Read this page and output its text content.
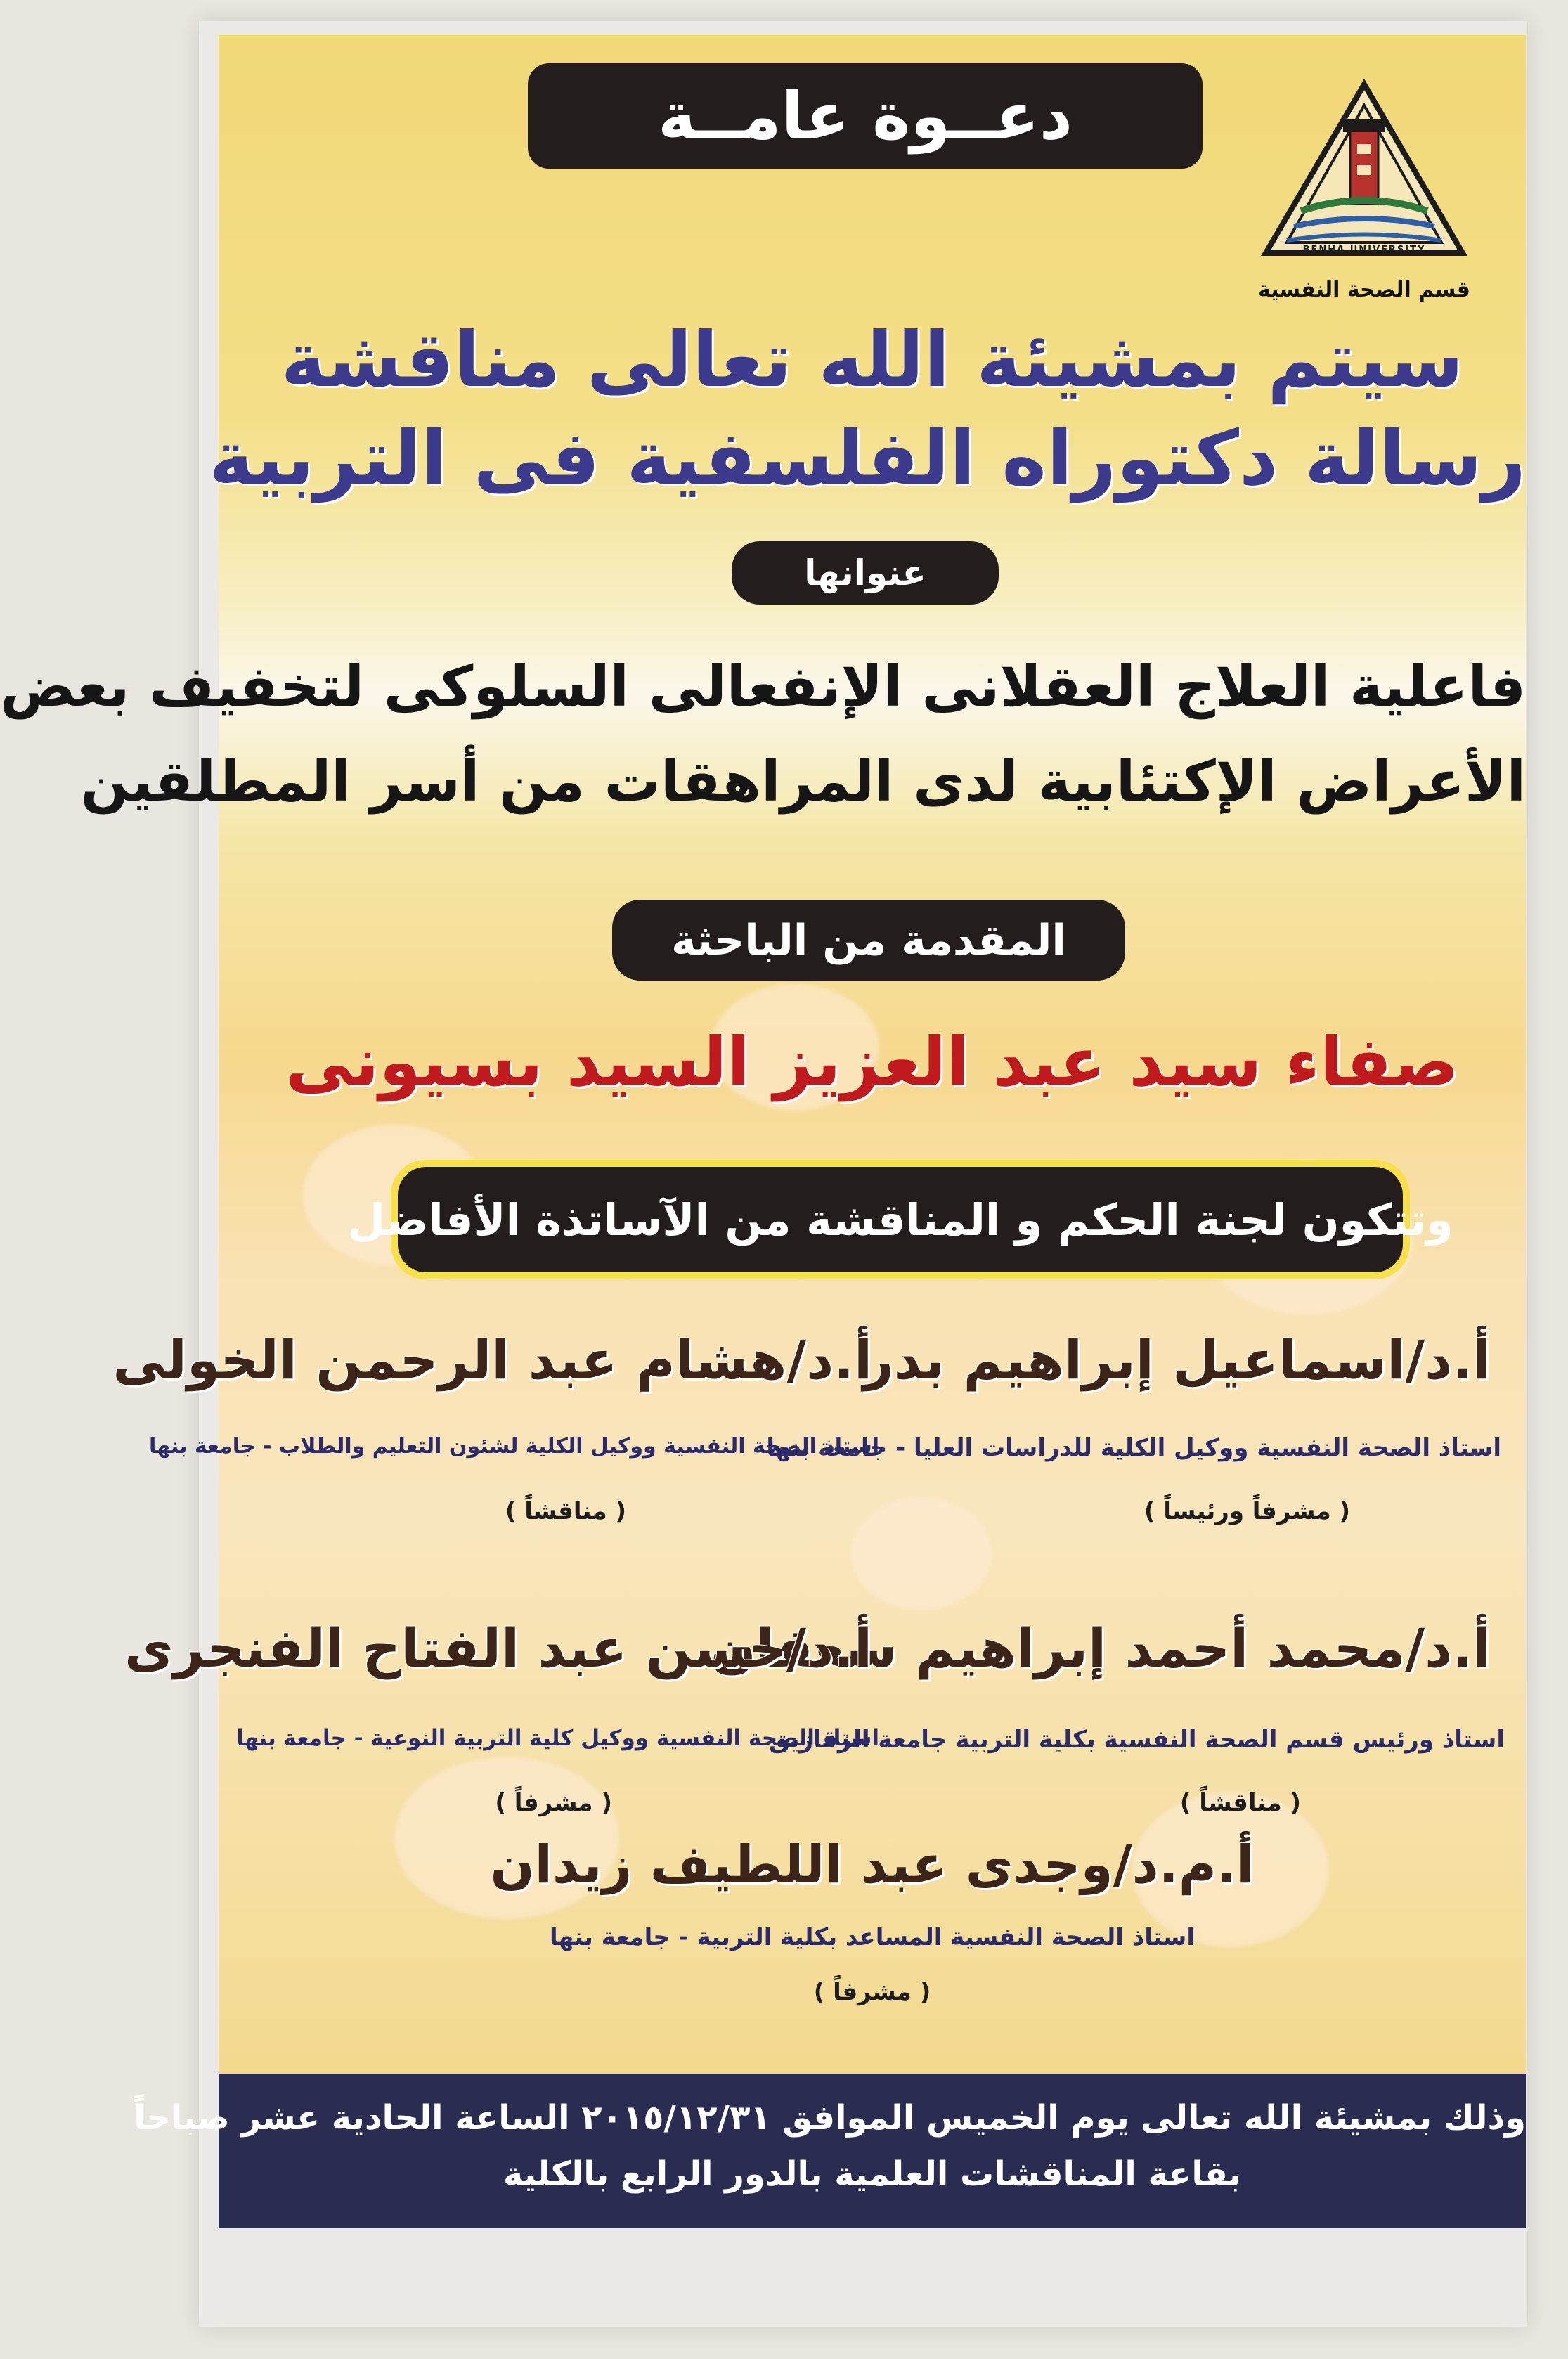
BENHA UNIVERSITY
قسم الصحة النفسية
دعــوة عامــة
سيتم بمشيئة الله تعالى مناقشة
رسالة دكتوراه الفلسفية فى التربية
عنوانها
فاعلية العلاج العقلانى الإنفعالى السلوكى لتخفيف بعض
الأعراض الإكتئابية لدى المراهقات من أسر المطلقين
المقدمة من الباحثة
صفاء سيد عبد العزيز السيد بسيونى
وتتكون لجنة الحكم و المناقشة من الآساتذة الأفاضل
أ.د/اسماعيل إبراهيم بدر
استاذ الصحة النفسية ووكيل الكلية للدراسات العليا - جامعة بنها
( مشرفاً ورئيساً )
أ.د/هشام عبد الرحمن الخولى
استاذ الصحة النفسية ووكيل الكلية لشئون التعليم والطلاب - جامعة بنها
( مناقشاً )
أ.د/محمد أحمد إبراهيم سعفان
استاذ ورئيس قسم الصحة النفسية بكلية التربية جامعة الزقازيق
( مناقشاً )
أ.د/حسن عبد الفتاح الفنجرى
استاذ الصحة النفسية ووكيل كلية التربية النوعية - جامعة بنها
( مشرفاً )
أ.م.د/وجدى عبد اللطيف زيدان
استاذ الصحة النفسية المساعد بكلية التربية - جامعة بنها
( مشرفاً )
وذلك بمشيئة الله تعالى يوم الخميس الموافق ٢٠١٥/١٢/٣١ الساعة الحادية عشر صباحاً
بقاعة المناقشات العلمية بالدور الرابع بالكلية
